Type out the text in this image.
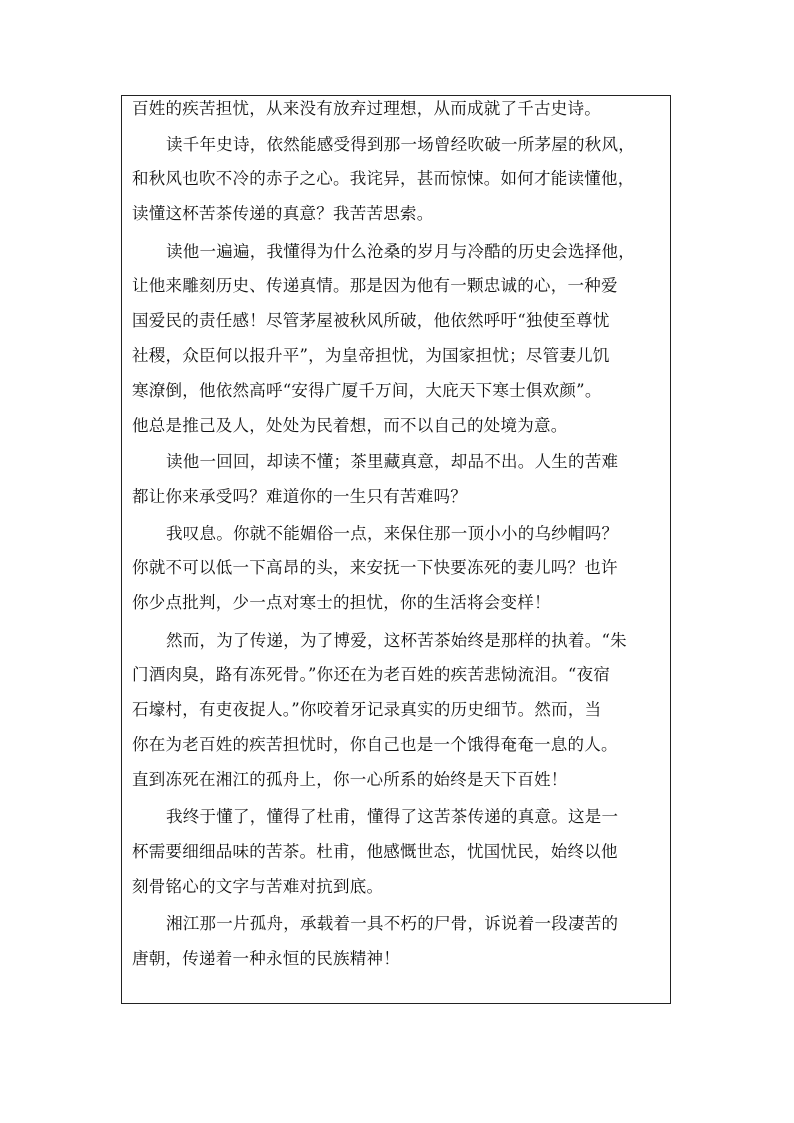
百姓的疾苦担忧，从来没有放弃过理想，从而成就了千古史诗。
读千年史诗，依然能感受得到那一场曾经吹破一所茅屋的秋风，
和秋风也吹不冷的赤子之心。我诧异，甚而惊悚。如何才能读懂他，
读懂这杯苦茶传递的真意？我苦苦思索。
读他一遍遍，我懂得为什么沧桑的岁月与冷酷的历史会选择他，
让他来雕刻历史、传递真情。那是因为他有一颗忠诚的心，一种爱
国爱民的责任感！尽管茅屋被秋风所破，他依然呼吁“独使至尊忧
社稷，众臣何以报升平”，为皇帝担忧，为国家担忧；尽管妻儿饥
寒潦倒，他依然高呼“安得广厦千万间，大庇天下寒士俱欢颜”。
他总是推己及人，处处为民着想，而不以自己的处境为意。
读他一回回，却读不懂；茶里藏真意，却品不出。人生的苦难
都让你来承受吗？难道你的一生只有苦难吗？
我叹息。你就不能媚俗一点，来保住那一顶小小的乌纱帽吗？
你就不可以低一下高昂的头，来安抚一下快要冻死的妻儿吗？也许
你少点批判，少一点对寒士的担忧，你的生活将会变样！
然而，为了传递，为了博爱，这杯苦茶始终是那样的执着。“朱
门酒肉臭，路有冻死骨。”你还在为老百姓的疾苦悲恸流泪。“夜宿
石壕村，有吏夜捉人。”你咬着牙记录真实的历史细节。然而，当
你在为老百姓的疾苦担忧时，你自己也是一个饿得奄奄一息的人。
直到冻死在湘江的孤舟上，你一心所系的始终是天下百姓！
我终于懂了，懂得了杜甫，懂得了这苦茶传递的真意。这是一
杯需要细细品味的苦茶。杜甫，他感慨世态，忧国忧民，始终以他
刻骨铭心的文字与苦难对抗到底。
湘江那一片孤舟，承载着一具不朽的尸骨，诉说着一段凄苦的
唐朝，传递着一种永恒的民族精神！
